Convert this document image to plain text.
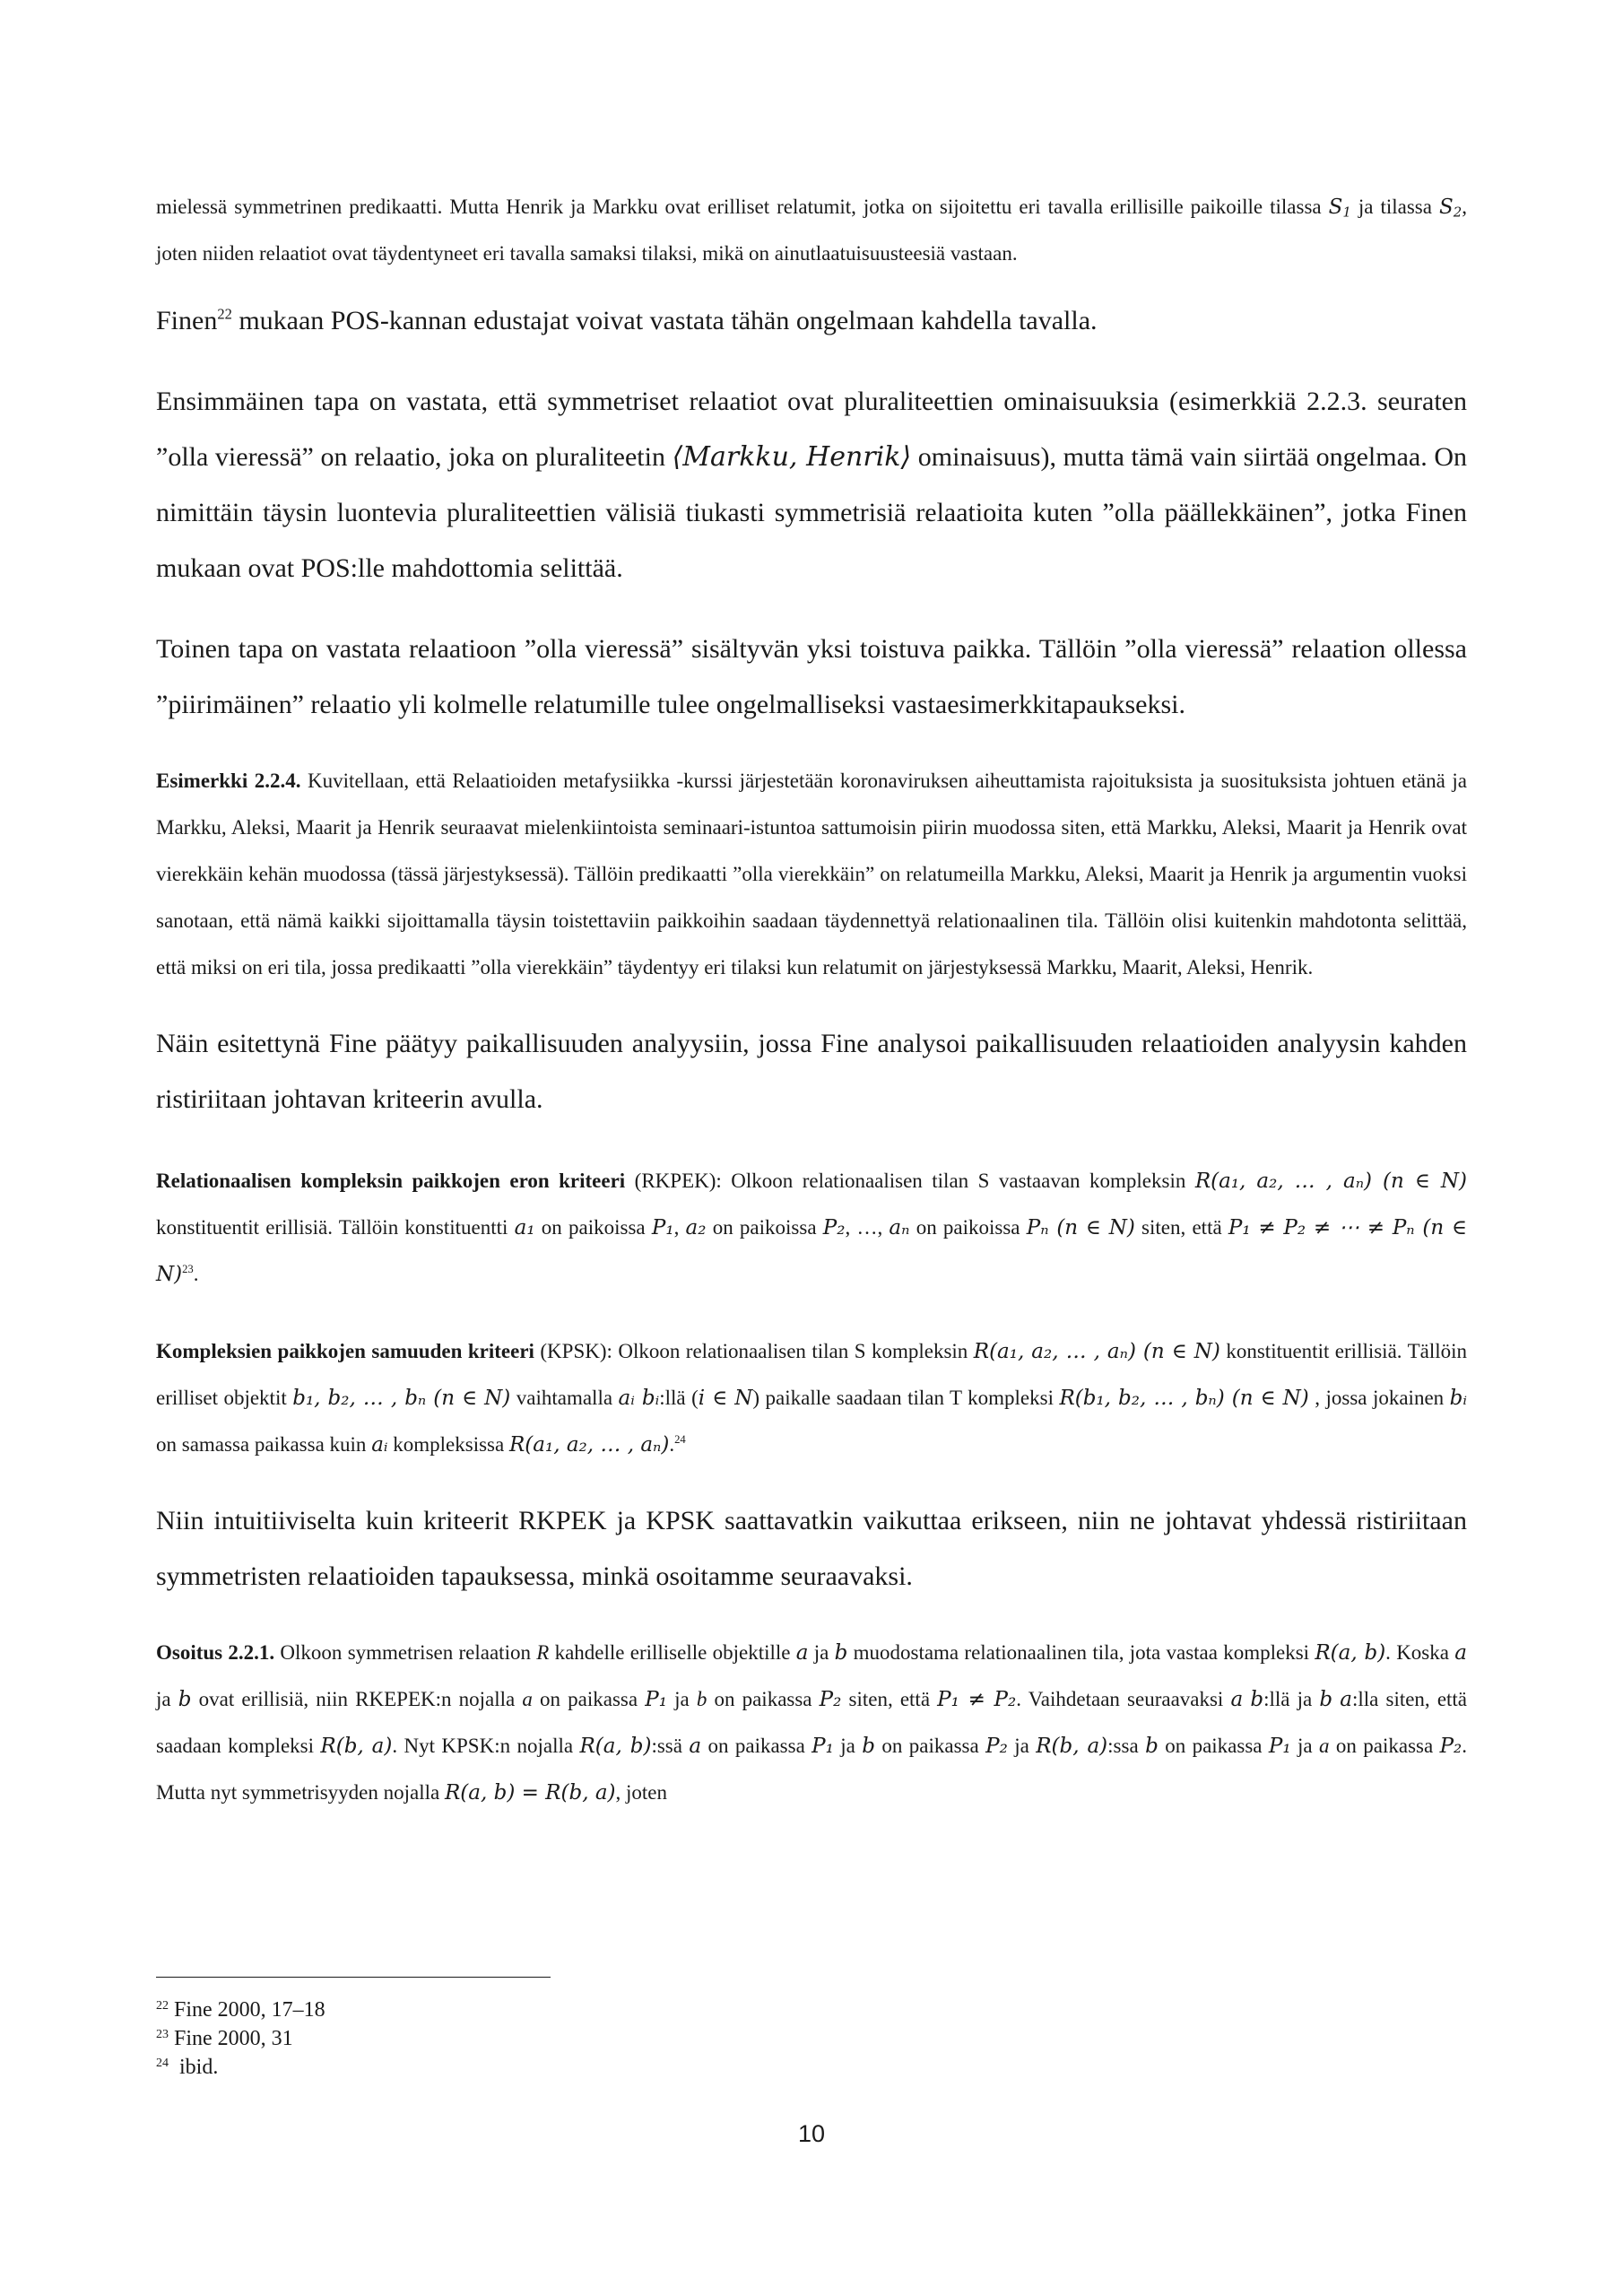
mielessä symmetrinen predikaatti. Mutta Henrik ja Markku ovat erilliset relatumit, jotka on sijoitettu eri tavalla erillisille paikoille tilassa $S_1$ ja tilassa $S_2$, joten niiden relaatiot ovat täydentyneet eri tavalla samaksi tilaksi, mikä on ainutlaatuisuusteesiä vastaan.

Finen$^{22}$ mukaan POS-kannan edustajat voivat vastata tähän ongelmaan kahdella tavalla.

Ensimmäinen tapa on vastata, että symmetriset relaatiot ovat pluraliteettien ominaisuuksia (esimerkkiä 2.2.3. seuraten ”olla vieressä” on relaatio, joka on pluraliteetin ⟨Markku, Henrik⟩ ominaisuus), mutta tämä vain siirtää ongelmaa. On nimittäin täysin luontevia pluraliteettien välisiä tiukasti symmetrisiä relaatioita kuten ”olla päällekkäinen”, jotka Finen mukaan ovat POS:lle mahdottomia selittää.

Toinen tapa on vastata relaatioon ”olla vieressä” sisältyvän yksi toistuva paikka. Tällöin ”olla vieressä” relaation ollessa ”piirimäinen” relaatio yli kolmelle relatumille tulee ongelmalliseksi vastaesimerkkitapaukseksi.

Esimerkki 2.2.4. Kuvitellaan, että Relaatioiden metafysiikka -kurssi järjestetään koronaviruksen aiheuttamista rajoituksista ja suosituksista johtuen etänä ja Markku, Aleksi, Maarit ja Henrik seuraavat mielenkiintoista seminaari-istuntoa sattumoisin piirin muodossa siten, että Markku, Aleksi, Maarit ja Henrik ovat vierekkäin kehän muodossa (tässä järjestyksessä). Tällöin predikaatti ”olla vierekkäin” on relatumeilla Markku, Aleksi, Maarit ja Henrik ja argumentin vuoksi sanotaan, että nämä kaikki sijoittamalla täysin toistettaviin paikkoihin saadaan täydennettyä relationaalinen tila. Tällöin olisi kuitenkin mahdotonta selittää, että miksi on eri tila, jossa predikaatti ”olla vierekkäin” täydentyy eri tilaksi kun relatumit on järjestyksessä Markku, Maarit, Aleksi, Henrik.

Näin esitettynä Fine päätyy paikallisuuden analyysiin, jossa Fine analysoi paikallisuuden relaatioiden analyysin kahden ristiriitaan johtavan kriteerin avulla.

Relationaalisen kompleksin paikkojen eron kriteeri (RKPEK): Olkoon relationaalisen tilan S vastaavan kompleksin R(a₁, a₂, … , aₙ) (n ∈ N) konstituentit erillisiä. Tällöin konstituentti a₁ on paikoissa P₁, a₂ on paikoissa P₂, …, aₙ on paikoissa Pₙ (n ∈ N) siten, että P₁ ≠ P₂ ≠ ⋯ ≠ Pₙ (n ∈ N)$^{23}$.

Kompleksien paikkojen samuuden kriteeri (KPSK): Olkoon relationaalisen tilan S kompleksin R(a₁, a₂, … , aₙ) (n ∈ N) konstituentit erillisiä. Tällöin erilliset objektit b₁, b₂, … , bₙ (n ∈ N) vaihtamalla aᵢ bᵢ:llä (i ∈ N) paikalle saadaan tilan T kompleksi R(b₁, b₂, … , bₙ) (n ∈ N) , jossa jokainen bᵢ on samassa paikassa kuin aᵢ kompleksissa R(a₁, a₂, … , aₙ).$^{24}$

Niin intuitiiviselta kuin kriteerit RKPEK ja KPSK saattavatkin vaikuttaa erikseen, niin ne johtavat yhdessä ristiriitaan symmetristen relaatioiden tapauksessa, minkä osoitamme seuraavaksi.

Osoitus 2.2.1. Olkoon symmetrisen relaation R kahdelle erilliselle objektille a ja b muodostama relationaalinen tila, jota vastaa kompleksi R(a, b). Koska a ja b ovat erillisiä, niin RKEPEK:n nojalla a on paikassa P₁ ja b on paikassa P₂ siten, että P₁ ≠ P₂. Vaihdetaan seuraavaksi a b:llä ja b a:lla siten, että saadaan kompleksi R(b, a). Nyt KPSK:n nojalla R(a, b):ssä a on paikassa P₁ ja b on paikassa P₂ ja R(b, a):ssa b on paikassa P₁ ja a on paikassa P₂. Mutta nyt symmetrisyyden nojalla R(a, b) = R(b, a), joten

$^{22}$ Fine 2000, 17–18
$^{23}$ Fine 2000, 31
$^{24}$ ibid.
10
